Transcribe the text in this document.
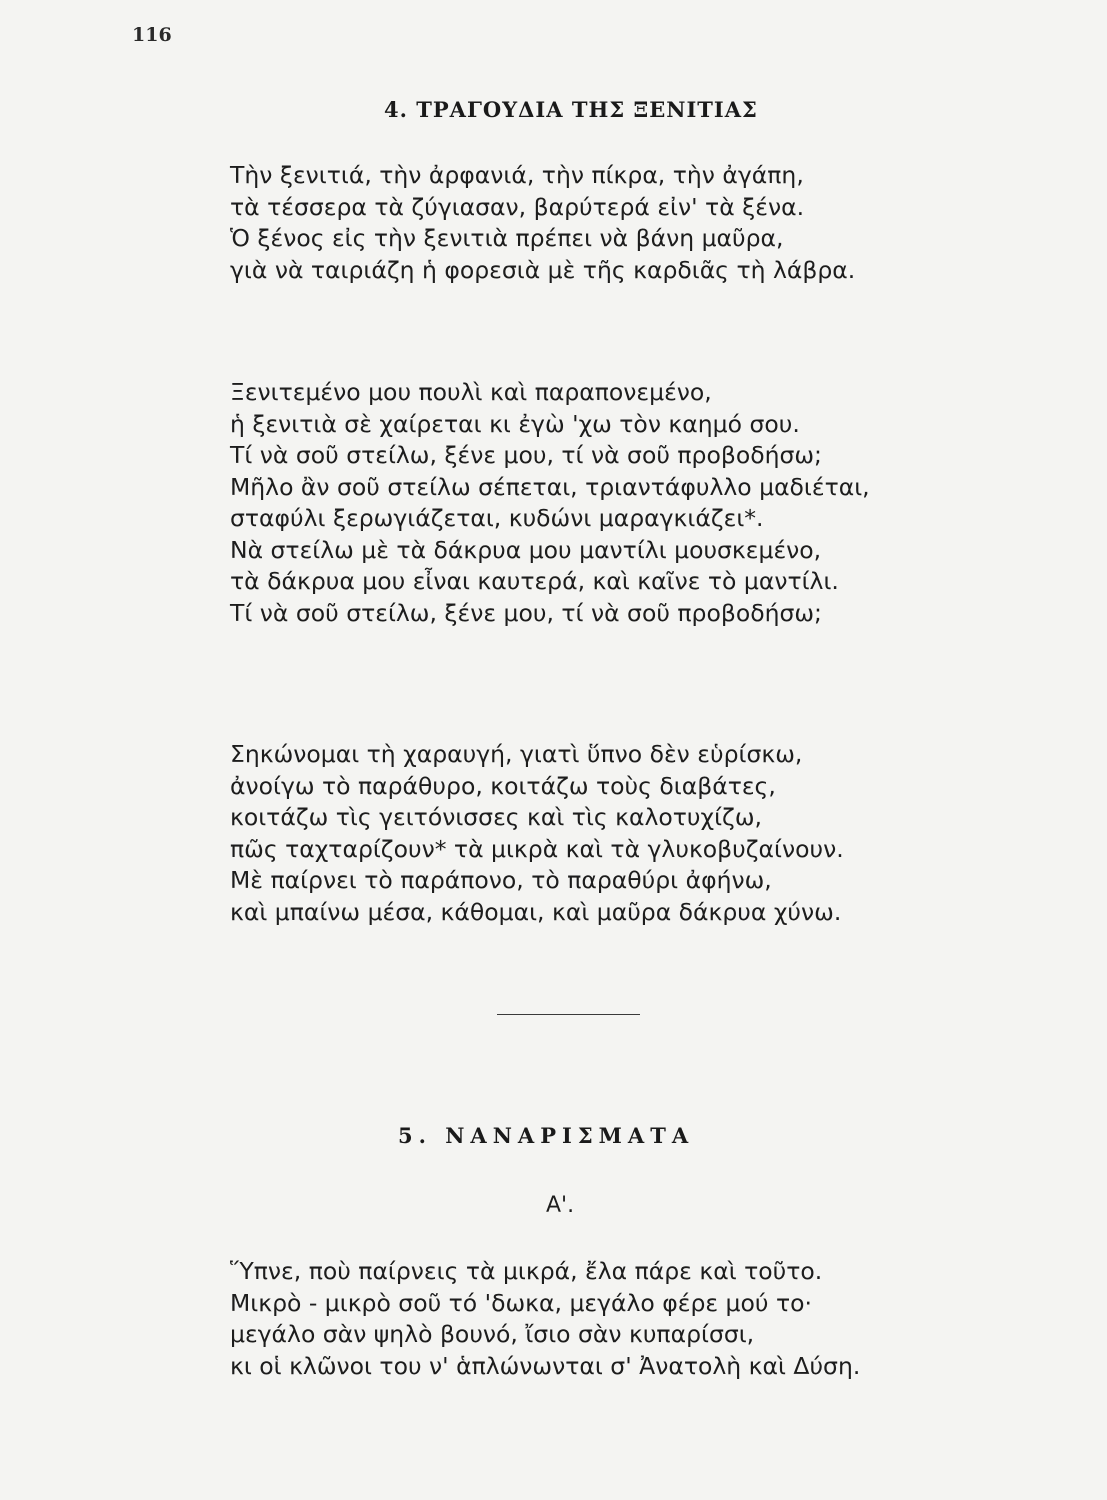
116
4. ΤΡΑΓΟΥΔΙΑ ΤΗΣ ΞΕΝΙΤΙΑΣ
Τὴν ξενιτιά, τὴν ἀρφανιά, τὴν πίκρα, τὴν ἀγάπη,
τὰ τέσσερα τὰ ζύγιασαν, βαρύτερά εἰν' τὰ ξένα.
Ὁ ξένος εἰς τὴν ξενιτιὰ πρέπει νὰ βάνη μαῦρα,
γιὰ νὰ ταιριάζη ἡ φορεσιὰ μὲ τῆς καρδιᾶς τὴ λάβρα.
Ξενιτεμένο μου πουλὶ καὶ παραπονεμένο,
ἡ ξενιτιὰ σὲ χαίρεται κι ἐγὼ 'χω τὸν καημό σου.
Τί νὰ σοῦ στείλω, ξένε μου, τί νὰ σοῦ προβοδήσω;
Μῆλο ἂν σοῦ στείλω σέπεται, τριαντάφυλλο μαδιέται,
σταφύλι ξερωγιάζεται, κυδώνι μαραγκιάζει*.
Νὰ στείλω μὲ τὰ δάκρυα μου μαντίλι μουσκεμένο,
τὰ δάκρυα μου εἶναι καυτερά, καὶ καῖνε τὸ μαντίλι.
Τί νὰ σοῦ στείλω, ξένε μου, τί νὰ σοῦ προβοδήσω;
Σηκώνομαι τὴ χαραυγή, γιατὶ ὕπνο δὲν εὑρίσκω,
ἀνοίγω τὸ παράθυρο, κοιτάζω τοὺς διαβάτες,
κοιτάζω τὶς γειτόνισσες καὶ τὶς καλοτυχίζω,
πῶς ταχταρίζουν* τὰ μικρὰ καὶ τὰ γλυκοβυζαίνουν.
Μὲ παίρνει τὸ παράπονο, τὸ παραθύρι ἀφήνω,
καὶ μπαίνω μέσα, κάθομαι, καὶ μαῦρα δάκρυα χύνω.
5. ΝΑΝΑΡΙΣΜΑΤΑ
Α'.
Ὕπνε, ποὺ παίρνεις τὰ μικρά, ἔλα πάρε καὶ τοῦτο.
Μικρὸ - μικρὸ σοῦ τό 'δωκα, μεγάλο φέρε μού το·
μεγάλο σὰν ψηλὸ βουνό, ἴσιο σὰν κυπαρίσσι,
κι οἱ κλῶνοι του ν' ἁπλώνωνται σ' Ἀνατολὴ καὶ Δύση.
